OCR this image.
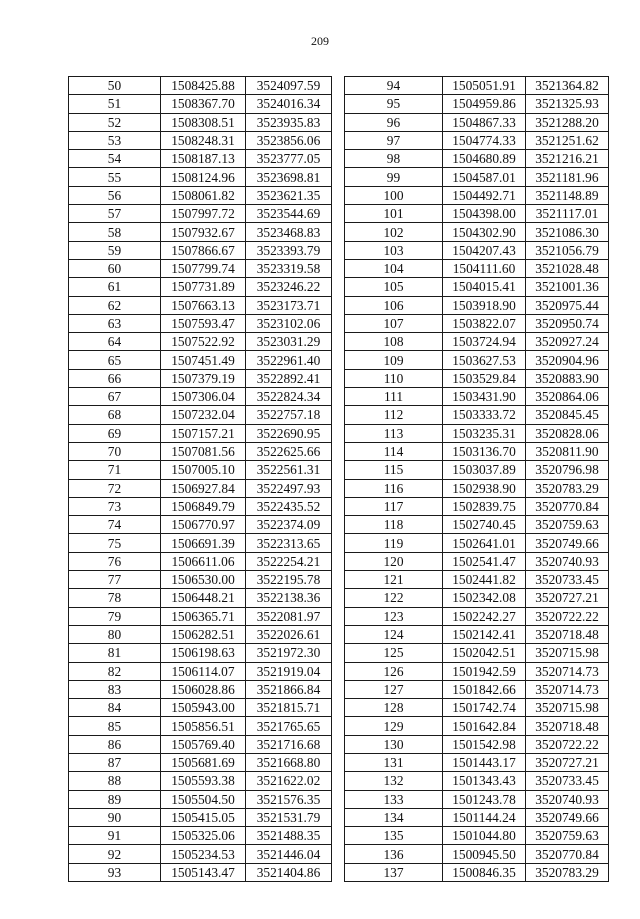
209
50	1508425.88	3524097.59
51	1508367.70	3524016.34
52	1508308.51	3523935.83
53	1508248.31	3523856.06
54	1508187.13	3523777.05
55	1508124.96	3523698.81
56	1508061.82	3523621.35
57	1507997.72	3523544.69
58	1507932.67	3523468.83
59	1507866.67	3523393.79
60	1507799.74	3523319.58
61	1507731.89	3523246.22
62	1507663.13	3523173.71
63	1507593.47	3523102.06
64	1507522.92	3523031.29
65	1507451.49	3522961.40
66	1507379.19	3522892.41
67	1507306.04	3522824.34
68	1507232.04	3522757.18
69	1507157.21	3522690.95
70	1507081.56	3522625.66
71	1507005.10	3522561.31
72	1506927.84	3522497.93
73	1506849.79	3522435.52
74	1506770.97	3522374.09
75	1506691.39	3522313.65
76	1506611.06	3522254.21
77	1506530.00	3522195.78
78	1506448.21	3522138.36
79	1506365.71	3522081.97
80	1506282.51	3522026.61
81	1506198.63	3521972.30
82	1506114.07	3521919.04
83	1506028.86	3521866.84
84	1505943.00	3521815.71
85	1505856.51	3521765.65
86	1505769.40	3521716.68
87	1505681.69	3521668.80
88	1505593.38	3521622.02
89	1505504.50	3521576.35
90	1505415.05	3521531.79
91	1505325.06	3521488.35
92	1505234.53	3521446.04
93	1505143.47	3521404.86
94	1505051.91	3521364.82
95	1504959.86	3521325.93
96	1504867.33	3521288.20
97	1504774.33	3521251.62
98	1504680.89	3521216.21
99	1504587.01	3521181.96
100	1504492.71	3521148.89
101	1504398.00	3521117.01
102	1504302.90	3521086.30
103	1504207.43	3521056.79
104	1504111.60	3521028.48
105	1504015.41	3521001.36
106	1503918.90	3520975.44
107	1503822.07	3520950.74
108	1503724.94	3520927.24
109	1503627.53	3520904.96
110	1503529.84	3520883.90
111	1503431.90	3520864.06
112	1503333.72	3520845.45
113	1503235.31	3520828.06
114	1503136.70	3520811.90
115	1503037.89	3520796.98
116	1502938.90	3520783.29
117	1502839.75	3520770.84
118	1502740.45	3520759.63
119	1502641.01	3520749.66
120	1502541.47	3520740.93
121	1502441.82	3520733.45
122	1502342.08	3520727.21
123	1502242.27	3520722.22
124	1502142.41	3520718.48
125	1502042.51	3520715.98
126	1501942.59	3520714.73
127	1501842.66	3520714.73
128	1501742.74	3520715.98
129	1501642.84	3520718.48
130	1501542.98	3520722.22
131	1501443.17	3520727.21
132	1501343.43	3520733.45
133	1501243.78	3520740.93
134	1501144.24	3520749.66
135	1501044.80	3520759.63
136	1500945.50	3520770.84
137	1500846.35	3520783.29
